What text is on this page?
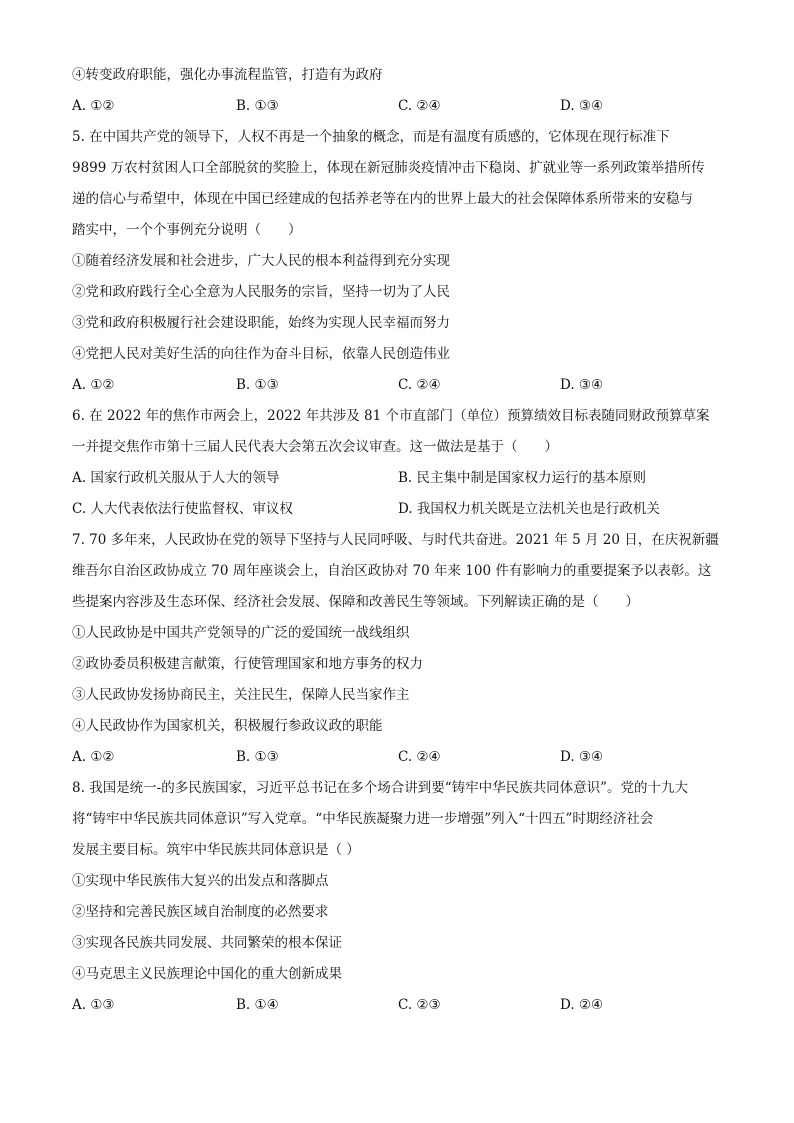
④转变政府职能，强化办事流程监管，打造有为政府
A. ①②	B. ①③	C. ②④	D. ③④
5. 在中国共产党的领导下，人权不再是一个抽象的概念，而是有温度有质感的，它体现在现行标准下
9899 万农村贫困人口全部脱贫的奖脸上，体现在新冠肺炎疫情冲击下稳岗、扩就业等一系列政策举措所传
递的信心与希望中，体现在中国已经建成的包括养老等在内的世界上最大的社会保障体系所带来的安稳与
踏实中，一个个事例充分说明（　　）
①随着经济发展和社会进步，广大人民的根本利益得到充分实现
②党和政府践行全心全意为人民服务的宗旨，坚持一切为了人民
③党和政府积极履行社会建设职能，始终为实现人民幸福而努力
④党把人民对美好生活的向往作为奋斗目标，依靠人民创造伟业
A. ①②	B. ①③	C. ②④	D. ③④
6. 在 2022 年的焦作市两会上，2022 年共涉及 81 个市直部门（单位）预算绩效目标表随同财政预算草案
一并提交焦作市第十三届人民代表大会第五次会议审查。这一做法是基于（　　）
A. 国家行政机关服从于人大的领导	B. 民主集中制是国家权力运行的基本原则
C. 人大代表依法行使监督权、审议权	D. 我国权力机关既是立法机关也是行政机关
7. 70 多年来，人民政协在党的领导下坚持与人民同呼吸、与时代共奋进。2021 年 5 月 20 日，在庆祝新疆
维吾尔自治区政协成立 70 周年座谈会上，自治区政协对 70 年来 100 件有影响力的重要提案予以表彰。这
些提案内容涉及生态环保、经济社会发展、保障和改善民生等领域。下列解读正确的是（　　）
①人民政协是中国共产党领导的广泛的爱国统一战线组织
②政协委员积极建言献策，行使管理国家和地方事务的权力
③人民政协发扬协商民主，关注民生，保障人民当家作主
④人民政协作为国家机关，积极履行参政议政的职能
A. ①②	B. ①③	C. ②④	D. ③④
8. 我国是统一-的多民族国家，习近平总书记在多个场合讲到要“铸牢中华民族共同体意识”。党的十九大
将“铸牢中华民族共同体意识”写入党章。“中华民族凝聚力进一步增强”列入“十四五”时期经济社会
发展主要目标。筑牢中华民族共同体意识是（ ）
①实现中华民族伟大复兴的出发点和落脚点
②坚持和完善民族区域自治制度的必然要求
③实现各民族共同发展、共同繁荣的根本保证
④马克思主义民族理论中国化的重大创新成果
A. ①③	B. ①④	C. ②③	D. ②④
